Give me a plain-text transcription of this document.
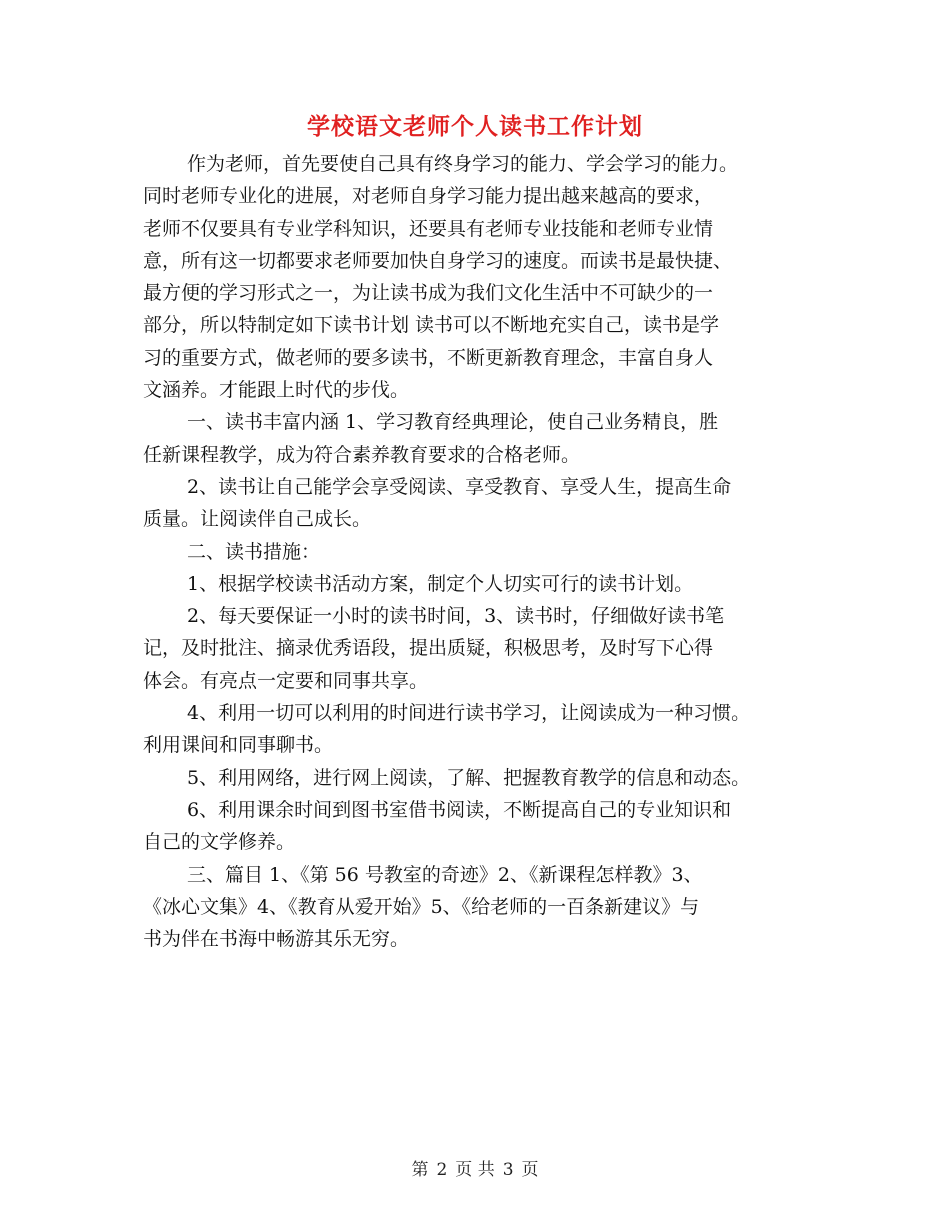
学校语文老师个人读书工作计划

作为老师，首先要使自己具有终身学习的能力、学会学习的能力。
同时老师专业化的进展，对老师自身学习能力提出越来越高的要求，
老师不仅要具有专业学科知识，还要具有老师专业技能和老师专业情
意，所有这一切都要求老师要加快自身学习的速度。而读书是最快捷、
最方便的学习形式之一，为让读书成为我们文化生活中不可缺少的一
部分，所以特制定如下读书计划 读书可以不断地充实自己，读书是学
习的重要方式，做老师的要多读书，不断更新教育理念，丰富自身人
文涵养。才能跟上时代的步伐。
一、读书丰富内涵 1、学习教育经典理论，使自己业务精良，胜
任新课程教学，成为符合素养教育要求的合格老师。
2、读书让自己能学会享受阅读、享受教育、享受人生，提高生命
质量。让阅读伴自己成长。
二、读书措施：
1、根据学校读书活动方案，制定个人切实可行的读书计划。
2、每天要保证一小时的读书时间，3、读书时，仔细做好读书笔
记，及时批注、摘录优秀语段，提出质疑，积极思考，及时写下心得
体会。有亮点一定要和同事共享。
4、利用一切可以利用的时间进行读书学习，让阅读成为一种习惯。
利用课间和同事聊书。
5、利用网络，进行网上阅读，了解、把握教育教学的信息和动态。
6、利用课余时间到图书室借书阅读，不断提高自己的专业知识和
自己的文学修养。
三、篇目 1、《第 56 号教室的奇迹》2、《新课程怎样教》3、
《冰心文集》4、《教育从爱开始》5、《给老师的一百条新建议》与
书为伴在书海中畅游其乐无穷。

第 2 页 共 3 页
